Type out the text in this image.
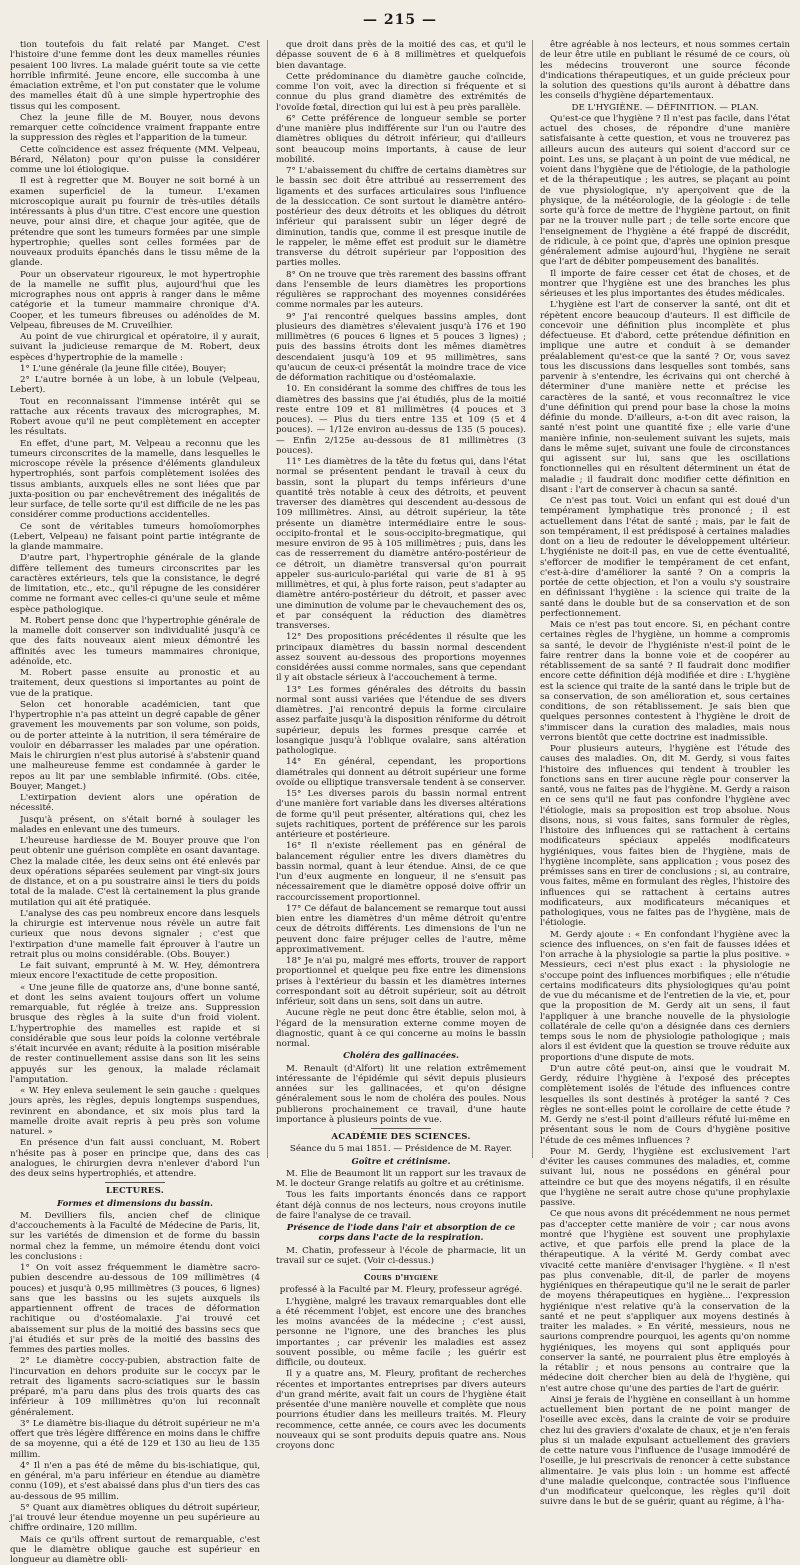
— 215 —

tion toutefois du fait relaté par Manget. C'est l'histoire d'une femme dont les deux mamelles réunies pesaient 100 livres. La malade guérit toute sa vie cette horrible infirmité. Jeune encore, elle succomba à une émaciation extrême, et l'on put constater que le volume des mamelles était dû à une simple hypertrophie des tissus qui les composent.

Chez la jeune fille de M. Bouyer, nous devons remarquer cette coïncidence vraiment frappante entre la suppression des règles et l'apparition de la tumeur.

Cette coïncidence est assez fréquente (MM. Velpeau, Bérard, Nélaton) pour qu'on puisse la considérer comme une loi étiologique.

Il est à regretter que M. Bouyer ne soit borné à un examen superficiel de la tumeur. L'examen microscopique aurait pu fournir de très-utiles détails intéressants à plus d'un titre. C'est encore une question neuve, pour ainsi dire, et chaque jour agitée, que de prétendre que sont les tumeurs formées par une simple hypertrophie; quelles sont celles formées par de nouveaux produits épanchés dans le tissu même de la glande.

Pour un observateur rigoureux, le mot hypertrophie de la mamelle ne suffit plus, aujourd'hui que les micrographes nous ont appris à ranger dans le même catégorie et la tumeur mammaire chronique d'A. Cooper, et les tumeurs fibreuses ou adénoïdes de M. Velpeau, fibreuses de M. Cruveilhier.

Au point de vue chirurgical et opératoire, il y aurait, suivant la judicieuse remarque de M. Robert, deux espèces d'hypertrophie de la mamelle :

1° L'une générale (la jeune fille citée), Bouyer;

2° L'autre bornée à un lobe, à un lobule (Velpeau, Lebert).

Tout en reconnaissant l'immense intérêt qui se rattache aux récents travaux des micrographes, M. Robert avoue qu'il ne peut complètement en accepter les résultats.

En effet, d'une part, M. Velpeau a reconnu que les tumeurs circonscrites de la mamelle, dans lesquelles le microscope révèle la présence d'éléments glanduleux hypertrophiés, sont parfois complètement isolées des tissus ambiants, auxquels elles ne sont liées que par juxta-position ou par enchevêtrement des inégalités de leur surface, de telle sorte qu'il est difficile de ne les pas considérer comme productions accidentelles.

Ce sont de véritables tumeurs homoïomorphes (Lebert, Velpeau) ne faisant point partie intégrante de la glande mammaire.

D'autre part, l'hypertrophie générale de la glande diffère tellement des tumeurs circonscrites par les caractères extérieurs, tels que la consistance, le degré de limitation, etc., etc., qu'il répugne de les considérer comme ne formant avec celles-ci qu'une seule et même espèce pathologique.

M. Robert pense donc que l'hypertrophie générale de la mamelle doit conserver son individualité jusqu'à ce que des faits nouveaux aient mieux démontré les affinités avec les tumeurs mammaires chronique, adénoïde, etc.

M. Robert passe ensuite au pronostic et au traitement, deux questions si importantes au point de vue de la pratique.

Selon cet honorable académicien, tant que l'hypertrophie n'a pas atteint un degré capable de gêner gravement les mouvements par son volume, son poids, ou de porter atteinte à la nutrition, il sera téméraire de vouloir en débarrasser les malades par une opération. Mais le chirurgien n'est plus autorisé à s'abstenir quand une malheureuse femme est condamnée à garder le repos au lit par une semblable infirmité. (Obs. citée, Bouyer, Manget.)

L'extirpation devient alors une opération de nécessité.

Jusqu'à présent, on s'était borné à soulager les malades en enlevant une des tumeurs.

L'heureuse hardiesse de M. Bouyer prouve que l'on peut obtenir une guérison complète en osant davantage. Chez la malade citée, les deux seins ont été enlevés par deux opérations séparées seulement par vingt-six jours de distance, et on a pu soustraire ainsi le tiers du poids total de la malade. C'est là certainement la plus grande mutilation qui ait été pratiquée.

L'analyse des cas peu nombreux encore dans lesquels la chirurgie est intervenue nous révèle un autre fait curieux que nous devons signaler ; c'est que l'extirpation d'une mamelle fait éprouver à l'autre un retrait plus ou moins considérable. (Obs. Bouyer.)

Le fait suivant, emprunté à M. W. Hey, démontrera mieux encore l'exactitude de cette proposition.

« Une jeune fille de quatorze ans, d'une bonne santé, et dont les seins avaient toujours offert un volume remarquable, fut réglée à treize ans. Suppression brusque des règles à la suite d'un froid violent. L'hypertrophie des mamelles est rapide et si considérable que sous leur poids la colonne vertébrale s'était incurvée en avant; réduite à la position misérable de rester continuellement assise dans son lit les seins appuyés sur les genoux, la malade réclamait l'amputation.

« W. Hey enleva seulement le sein gauche : quelques jours après, les règles, depuis longtemps suspendues, revinrent en abondance, et six mois plus tard la mamelle droite avait repris à peu près son volume naturel. »

En présence d'un fait aussi concluant, M. Robert n'hésite pas à poser en principe que, dans des cas analogues, le chirurgien devra n'enlever d'abord l'un des deux seins hypertrophiés, et attendre.

LECTURES.
Formes et dimensions du bassin.

M. Devilliers fils, ancien chef de clinique d'accouchements à la Faculté de Médecine de Paris, lit, sur les variétés de dimension et de forme du bassin normal chez la femme, un mémoire étendu dont voici les conclusions :

1° On voit assez fréquemment le diamètre sacro-pubien descendre au-dessous de 109 millimètres (4 pouces) et jusqu'à 0,95 millimètres (3 pouces, 6 lignes) sans que les bassins ou les sujets auxquels ils appartiennent offrent de traces de déformation rachitique ou d'ostéomalaxie. J'ai trouvé cet abaissement sur plus de la moitié des bassins secs que j'ai étudiés et sur près de la moitié des bassins des femmes des parties molles.

2° Le diamètre coccy-pubien, abstraction faite de l'incurvation en dehors produite sur le coccyx par le retrait des ligaments sacro-sciatiques sur le bassin préparé, m'a paru dans plus des trois quarts des cas inférieur à 109 millimètres qu'on lui reconnaît généralement.

3° Le diamètre bis-iliaque du détroit supérieur ne m'a offert que très légère différence en moins dans le chiffre de sa moyenne, qui a été de 129 et 130 au lieu de 135 millim.

4° Il n'en a pas été de même du bis-ischiatique, qui, en général, m'a paru inférieur en étendue au diamètre connu (109), et s'est abaissé dans plus d'un tiers des cas au-dessous de 95 millim.

5° Quant aux diamètres obliques du détroit supérieur, j'ai trouvé leur étendue moyenne un peu supérieure au chiffre ordinaire, 120 millim.

Mais ce qu'ils offrent surtout de remarquable, c'est que le diamètre oblique gauche est supérieur en longueur au diamètre obli-

que droit dans près de la moitié des cas, et qu'il le dépasse souvent de 6 à 8 millimètres et quelquefois bien davantage.

Cette prédominance du diamètre gauche coïncide, comme l'on voit, avec la direction si fréquente et si connue du plus grand diamètre des extrémités de l'ovoïde fœtal, direction qui lui est à peu près parallèle.

6° Cette préférence de longueur semble se porter d'une manière plus indifférente sur l'un ou l'autre des diamètres obliques du détroit inférieur, qui d'ailleurs sont beaucoup moins importants, à cause de leur mobilité.

7° L'abaissement du chiffre de certains diamètres sur le bassin sec doit être attribué au resserrement des ligaments et des surfaces articulaires sous l'influence de la dessiccation. Ce sont surtout le diamètre antéro-postérieur des deux détroits et les obliques du détroit inférieur qui paraissent subir un léger degré de diminution, tandis que, comme il est presque inutile de le rappeler, le même effet est produit sur le diamètre transverse du détroit supérieur par l'opposition des parties molles.

8° On ne trouve que très rarement des bassins offrant dans l'ensemble de leurs diamètres les proportions régulières se rapprochant des moyennes considérées comme normales par les auteurs.

9° J'ai rencontré quelques bassins amples, dont plusieurs des diamètres s'élevaient jusqu'à 176 et 190 millimètres (6 pouces 6 lignes et 5 pouces 3 lignes) ; puis des bassins étroits dont les mêmes diamètres descendaient jusqu'à 109 et 95 millimètres, sans qu'aucun de ceux-ci présentât la moindre trace de vice de déformation rachitique ou d'ostéomalaxie.

10. En considérant la somme des chiffres de tous les diamètres des bassins que j'ai étudiés, plus de la moitié reste entre 109 et 81 millimètres (4 pouces et 3 pouces). — Plus du tiers entre 135 et 109 (5 et 4 pouces). — 1/12e environ au-dessus de 135 (5 pouces). — Enfin 2/125e au-dessous de 81 millimètres (3 pouces).

11° Les diamètres de la tête du fœtus qui, dans l'état normal se présentent pendant le travail à ceux du bassin, sont la plupart du temps inférieurs d'une quantité très notable à ceux des détroits, et peuvent traverser des diamètres qui descendent au-dessous de 109 millimètres. Ainsi, au détroit supérieur, la tête présente un diamètre intermédiaire entre le sous-occipito-frontal et le sous-occipito-bregmatique, qui mesure environ de 95 à 105 millimètres ; puis, dans les cas de resserrement du diamètre antéro-postérieur de ce détroit, un diamètre transversal qu'on pourrait appeler sus-auriculo-pariétal qui varie de 81 à 95 millimètres, et qui, à plus forte raison, peut s'adapter au diamètre antéro-postérieur du détroit, et passer avec une diminution de volume par le chevauchement des os, et par conséquent la réduction des diamètres transverses.

12° Des propositions précédentes il résulte que les principaux diamètres du bassin normal descendent assez souvent au-dessous des proportions moyennes considérées aussi comme normales, sans que cependant il y ait obstacle sérieux à l'accouchement à terme.

13° Les formes générales des détroits du bassin normal sont aussi variées que l'étendue de ses divers diamètres. J'ai rencontré depuis la forme circulaire assez parfaite jusqu'à la disposition réniforme du détroit supérieur, depuis les formes presque carrée et losangique jusqu'à l'oblique ovalaire, sans altération pathologique.

14° En général, cependant, les proportions diamétrales qui donnent au détroit supérieur une forme ovoïde ou elliptique transversale tendent à se conserver.

15° Les diverses parois du bassin normal entrent d'une manière fort variable dans les diverses altérations de forme qu'il peut présenter, altérations qui, chez les sujets rachitiques, portent de préférence sur les parois antérieure et postérieure.

16° Il n'existe réellement pas en général de balancement régulier entre les divers diamètres du bassin normal, quant à leur étendue. Ainsi, de ce que l'un d'eux augmente en longueur, il ne s'ensuit pas nécessairement que le diamètre opposé doive offrir un raccourcissement proportionnel.

17° Ce défaut de balancement se remarque tout aussi bien entre les diamètres d'un même détroit qu'entre ceux de détroits différents. Les dimensions de l'un ne peuvent donc faire préjuger celles de l'autre, même approximativement.

18° Je n'ai pu, malgré mes efforts, trouver de rapport proportionnel et quelque peu fixe entre les dimensions prises à l'extérieur du bassin et les diamètres internes correspondant soit au détroit supérieur, soit au détroit inférieur, soit dans un sens, soit dans un autre.

Aucune règle ne peut donc être établie, selon moi, à l'égard de la mensuration externe comme moyen de diagnostic, quant à ce qui concerne au moins le bassin normal.

Choléra des gallinacées.

M. Renault (d'Alfort) lit une relation extrêmement intéressante de l'épidémie qui sévit depuis plusieurs années sur les gallinacées, et qu'on désigne généralement sous le nom de choléra des poules. Nous publierons prochainement ce travail, d'une haute importance à plusieurs points de vue.

ACADÉMIE DES SCIENCES.

Séance du 5 mai 1851. — Présidence de M. Rayer.

Goître et crétinisme.

M. Elie de Beaumont lit un rapport sur les travaux de M. le docteur Grange relatifs au goître et au crétinisme.

Tous les faits importants énoncés dans ce rapport étant déjà connus de nos lecteurs, nous croyons inutile de faire l'analyse de ce travail.

Présence de l'iode dans l'air et absorption de ce corps dans l'acte de la respiration.

M. Chatin, professeur à l'école de pharmacie, lit un travail sur ce sujet. (Voir ci-dessus.)

Cours d'hygiène

professé à la Faculté par M. Fleury, professeur agrégé.

L'hygiène, malgré les travaux remarquables dont elle a été récemment l'objet, est encore une des branches les moins avancées de la médecine ; c'est aussi, personne ne l'ignore, une des branches les plus importantes ; car prévenir les maladies est assez souvent possible, ou même facile ; les guérir est difficile, ou douteux.

Il y a quatre ans, M. Fleury, profitant de recherches récentes et importantes entreprises par divers auteurs d'un grand mérite, avait fait un cours de l'hygiène était présentée d'une manière nouvelle et complète que nous pourrions étudier dans les meilleurs traités. M. Fleury recommence, cette année, ce cours avec les documents nouveaux qui se sont produits depuis quatre ans. Nous croyons donc

être agréable à nos lecteurs, et nous sommes certain de leur être utile en publiant le résumé de ce cours, où les médecins trouveront une source féconde d'indications thérapeutiques, et un guide précieux pour la solution des questions qu'ils auront à débattre dans les conseils d'hygiène départementaux.

DE L'HYGIÈNE. — DÉFINITION. — PLAN.

Qu'est-ce que l'hygiène ? Il n'est pas facile, dans l'état actuel des choses, de répondre d'une manière satisfaisante à cette question, et vous ne trouverez pas ailleurs aucun des auteurs qui soient d'accord sur ce point. Les uns, se plaçant à un point de vue médical, ne voient dans l'hygiène que de l'étiologie, de la pathologie et de la thérapeutique ; les autres, se plaçant au point de vue physiologique, n'y aperçoivent que de la physique, de la météorologie, de la géologie : de telle sorte qu'à force de mettre de l'hygiène partout, on finit par ne la trouver nulle part ; de telle sorte encore que l'enseignement de l'hygiène a été frappé de discrédit, de ridicule, à ce point que, d'après une opinion presque généralement admise aujourd'hui, l'hygiène ne serait que l'art de débiter pompeusement des banalités.

Il importe de faire cesser cet état de choses, et de montrer que l'hygiène est une des branches les plus sérieuses et les plus importantes des études médicales.

L'hygiène est l'art de conserver la santé, ont dit et répètent encore beaucoup d'auteurs. Il est difficile de concevoir une définition plus incomplète et plus défectueuse. Et d'abord, cette prétendue définition en implique une autre et conduit à se demander préalablement qu'est-ce que la santé ? Or, vous savez tous les discussions dans lesquelles sont tombés, sans parvenir à s'entendre, les écrivains qui ont cherché à déterminer d'une manière nette et précise les caractères de la santé, et vous reconnaîtrez le vice d'une définition qui prend pour base la chose la moins définie du monde. D'ailleurs, a-t-on dit avec raison, la santé n'est point une quantité fixe ; elle varie d'une manière infinie, non-seulement suivant les sujets, mais dans le même sujet, suivant une foule de circonstances qui agissent sur lui, sans que les oscillations fonctionnelles qui en résultent déterminent un état de maladie ; il faudrait donc modifier cette définition en disant : l'art de conserver à chacun sa santé.

Ce n'est pas tout. Voici un enfant qui est doué d'un tempérament lymphatique très prononcé ; il est actuellement dans l'état de santé ; mais, par le fait de son tempérament, il est prédisposé à certaines maladies dont on a lieu de redouter le développement ultérieur. L'hygiéniste ne doit-il pas, en vue de cette éventualité, s'efforcer de modifier le tempérament de cet enfant, c'est-à-dire d'améliorer la santé ? On a compris la portée de cette objection, et l'on a voulu s'y soustraire en définissant l'hygiène : la science qui traite de la santé dans le double but de sa conservation et de son perfectionnement.

Mais ce n'est pas tout encore. Si, en péchant contre certaines règles de l'hygiène, un homme a compromis sa santé, le devoir de l'hygiéniste n'est-il point de le faire rentrer dans la bonne voie et de coopérer au rétablissement de sa santé ? Il faudrait donc modifier encore cette définition déjà modifiée et dire : L'hygiène est la science qui traite de la santé dans le triple but de sa conservation, de son amélioration et, sous certaines conditions, de son rétablissement. Je sais bien que quelques personnes contestent à l'hygiène le droit de s'immiscer dans la curation des maladies, mais nous verrons bientôt que cette doctrine est inadmissible.

Pour plusieurs auteurs, l'hygiène est l'étude des causes des maladies. On, dit M. Gerdy, si vous faites l'histoire des influences qui tendent à troubler les fonctions sans en tirer aucune règle pour conserver la santé, vous ne faites pas de l'hygiène. M. Gerdy a raison en ce sens qu'il ne faut pas confondre l'hygiène avec l'étiologie, mais sa proposition est trop absolue. Nous disons, nous, si vous faites, sans formuler de règles, l'histoire des influences qui se rattachent à certains modificateurs spéciaux appelés modificateurs hygiéniques, vous faites bien de l'hygiène, mais de l'hygiène incomplète, sans application ; vous posez des prémisses sans en tirer de conclusions ; si, au contraire, vous faites, même en formulant des règles, l'histoire des influences qui se rattachent à certains autres modificateurs, aux modificateurs mécaniques et pathologiques, vous ne faites pas de l'hygiène, mais de l'étiologie.

M. Gerdy ajoute : « En confondant l'hygiène avec la science des influences, on s'en fait de fausses idées et l'on arrache à la physiologie sa partie la plus positive. » Messieurs, ceci n'est plus exact : la physiologie ne s'occupe point des influences morbifiques ; elle n'étudie certains modificateurs dits physiologiques qu'au point de vue du mécanisme et de l'entretien de la vie, et, pour que la proposition de M. Gerdy ait un sens, il faut l'appliquer à une branche nouvelle de la physiologie collatérale de celle qu'on a désignée dans ces derniers temps sous le nom de physiologie pathologique ; mais alors il est évident que la question se trouve réduite aux proportions d'une dispute de mots.

D'un autre côté peut-on, ainsi que le voudrait M. Gerdy, réduire l'hygiène à l'exposé des préceptes complètement isolés de l'étude des influences contre lesquelles ils sont destinés à protéger la santé ? Ces règles ne sont-elles point le corollaire de cette étude ? M. Gerdy ne s'est-il point d'ailleurs réfuté lui-même en présentant sous le nom de Cours d'hygiène positive l'étude de ces mêmes influences ?

Pour M. Gerdy, l'hygiène est exclusivement l'art d'éviter les causes communes des maladies, et, comme suivant lui, nous ne possédons en général pour atteindre ce but que des moyens négatifs, il en résulte que l'hygiène ne serait autre chose qu'une prophylaxie passive.

Ce que nous avons dit précédemment ne nous permet pas d'accepter cette manière de voir ; car nous avons montré que l'hygiène est souvent une prophylaxie active, et que parfois elle prend la place de la thérapeutique. A la vérité M. Gerdy combat avec vivacité cette manière d'envisager l'hygiène. « Il n'est pas plus convenable, dit-il, de parler de moyens hygiéniques en thérapeutique qu'il ne le serait de parler de moyens thérapeutiques en hygiène... l'expression hygiénique n'est relative qu'à la conservation de la santé et ne peut s'appliquer aux moyens destinés à traiter les malades. » En vérité, messieurs, nous ne saurions comprendre pourquoi, les agents qu'on nomme hygiéniques, les moyens qui sont appliqués pour conserver la santé, ne pourraient plus être employés à la rétablir ; et nous pensons au contraire que la médecine doit chercher bien au delà de l'hygiène, qui n'est autre chose qu'une des parties de l'art de guérir.

Ainsi je ferais de l'hygiène en conseillant à un homme actuellement bien portant de ne point manger de l'oseille avec excès, dans la crainte de voir se produire chez lui des graviers d'oxalate de chaux, et je n'en ferais plus si un malade expulsant actuellement des graviers de cette nature vous l'influence de l'usage immodéré de l'oseille, je lui prescrivais de renoncer à cette substance alimentaire. Je vais plus loin : un homme est affecté d'une maladie quelconque, contractée sous l'influence d'un modificateur quelconque, les règles qu'il doit suivre dans le but de se guérir, quant au régime, à l'ha-
